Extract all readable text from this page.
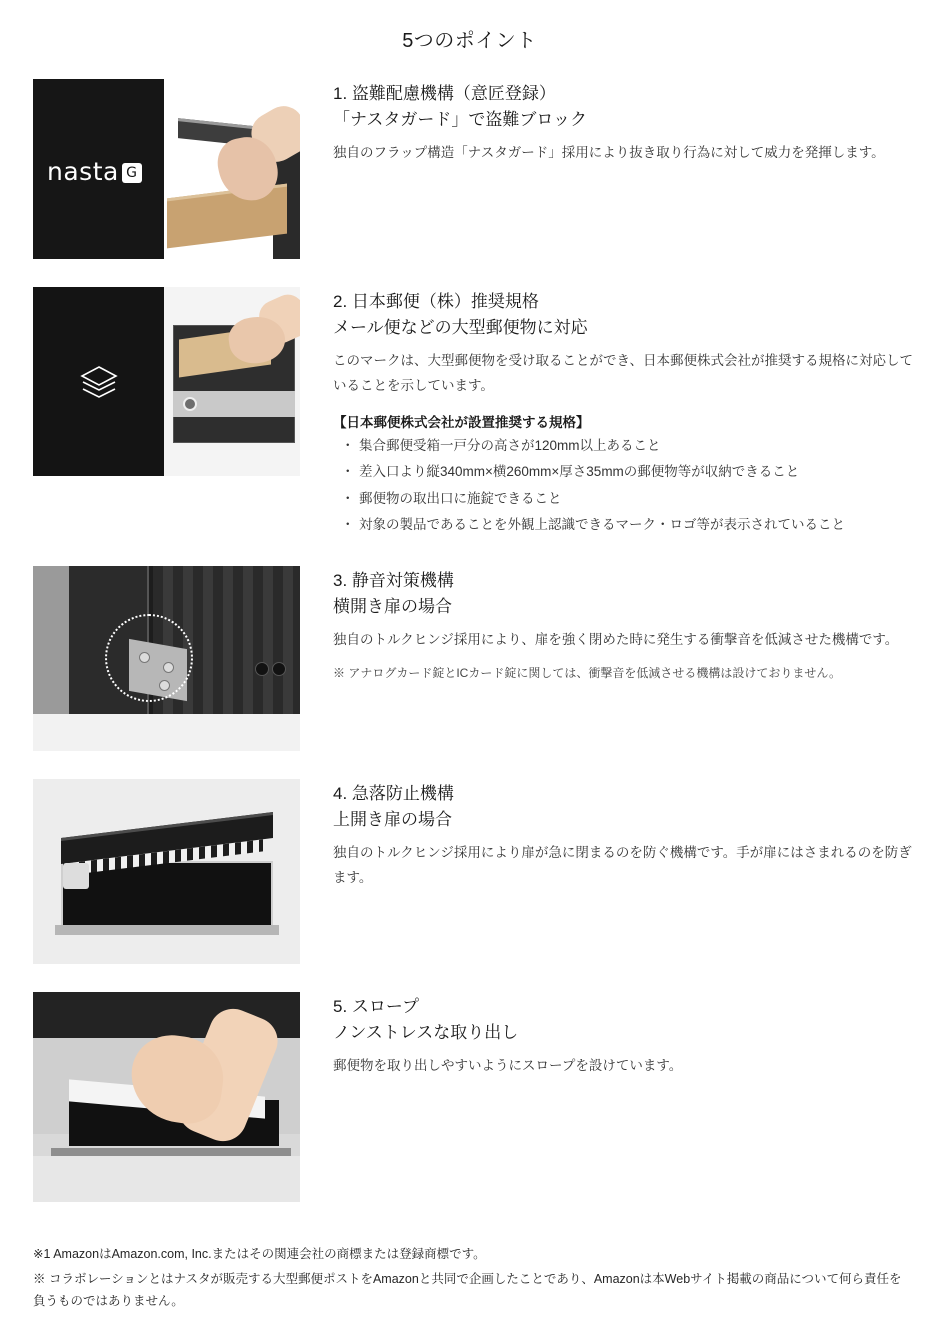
5つのポイント
nasta G
1. 盗難配慮機構（意匠登録）
「ナスタガード」で盗難ブロック
独自のフラップ構造「ナスタガード」採用により抜き取り行為に対して威力を発揮します。
2. 日本郵便（株）推奨規格
メール便などの大型郵便物に対応
このマークは、大型郵便物を受け取ることができ、日本郵便株式会社が推奨する規格に対応していることを示しています。
【日本郵便株式会社が設置推奨する規格】
・ 集合郵便受箱一戸分の高さが120mm以上あること
・ 差入口より縦340mm×横260mm×厚さ35mmの郵便物等が収納できること
・ 郵便物の取出口に施錠できること
・ 対象の製品であることを外観上認識できるマーク・ロゴ等が表示されていること
3. 静音対策機構
横開き扉の場合
独自のトルクヒンジ採用により、扉を強く閉めた時に発生する衝撃音を低減させた機構です。
※ アナログカード錠とICカード錠に関しては、衝撃音を低減させる機構は設けておりません。
4. 急落防止機構
上開き扉の場合
独自のトルクヒンジ採用により扉が急に閉まるのを防ぐ機構です。手が扉にはさまれるのを防ぎます。
5. スロープ
ノンストレスな取り出し
郵便物を取り出しやすいようにスロープを設けています。

※1 AmazonはAmazon.com, Inc.またはその関連会社の商標または登録商標です。

※ コラボレーションとはナスタが販売する大型郵便ポストをAmazonと共同で企画したことであり、Amazonは本Webサイト掲載の商品について何ら責任を負うものではありません。
